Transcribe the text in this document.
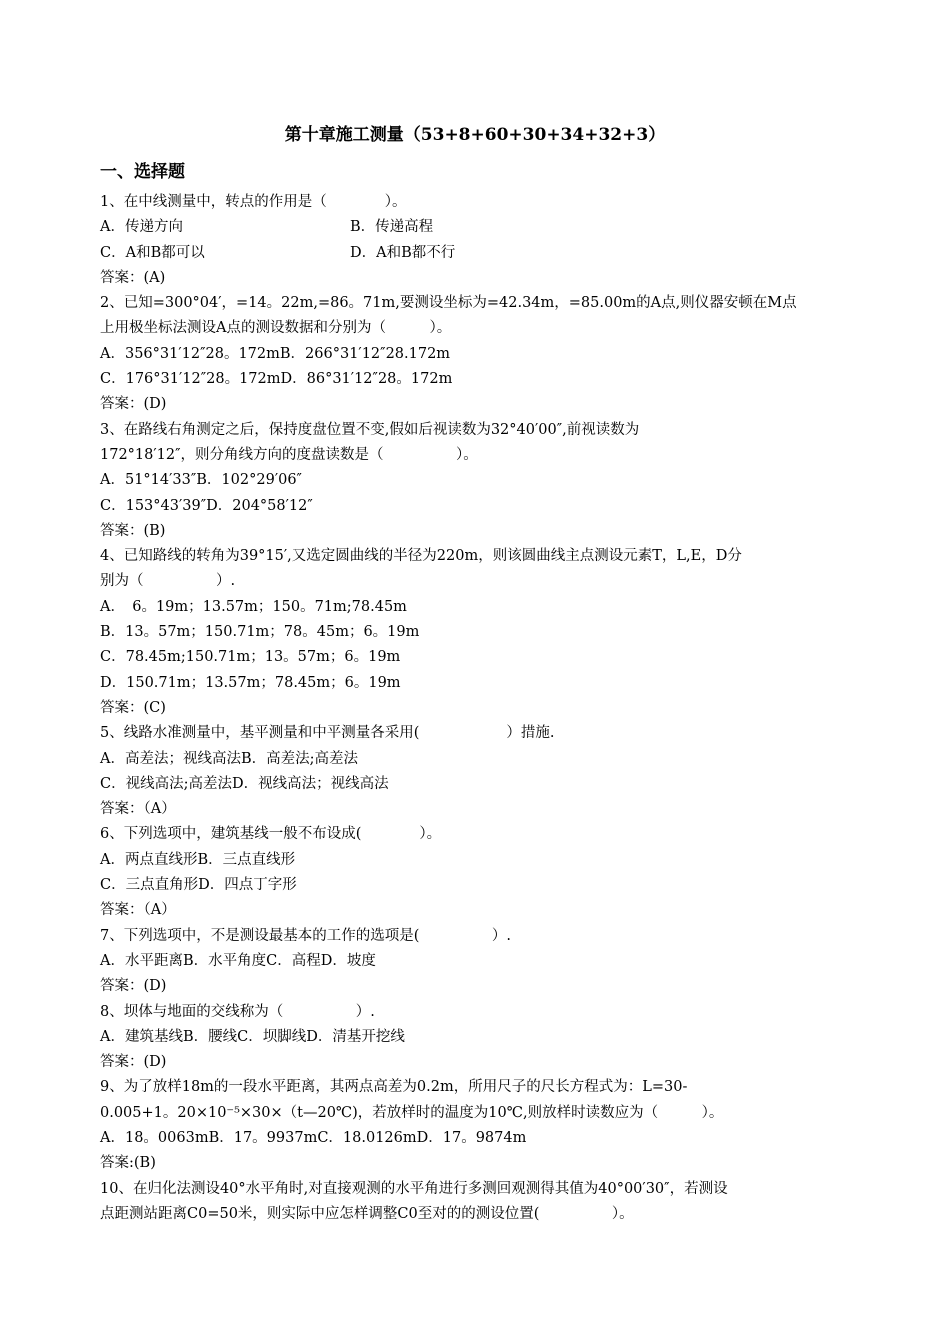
第十章施工测量（53+8+60+30+34+32+3）
一、选择题
1、在中线测量中，转点的作用是（　　　　）。
A．传递方向	B．传递高程
C．A和B都可以	D．A和B都不行
答案：(A)
2、已知=300°04′，=14。22m,=86。71m,要测设坐标为=42.34m，=85.00m的A点,则仪器安顿在M点
上用极坐标法测设A点的测设数据和分别为（　　　）。
A．356°31′12″28。172mB．266°31′12″28.172m
C．176°31′12″28。172mD．86°31′12″28。172m
答案：(D)
3、在路线右角测定之后，保持度盘位置不变,假如后视读数为32°40′00″,前视读数为
172°18′12″，则分角线方向的度盘读数是（　　　　　）。
A．51°14′33″B．102°29′06″
C．153°43′39″D．204°58′12″
答案：(B)
4、已知路线的转角为39°15′,又选定圆曲线的半径为220m，则该圆曲线主点测设元素T，L,E，D分
别为（　　　　　）.
A．　6。19m；13.57m；150。71m;78.45m
B．13。57m；150.71m；78。45m；6。19m
C．78.45m;150.71m；13。57m；6。19m
D．150.71m；13.57m；78.45m；6。19m
答案：(C)
5、线路水准测量中，基平测量和中平测量各采用(　　　　　　）措施.
A．高差法；视线高法B．高差法;高差法
C．视线高法;高差法D．视线高法；视线高法
答案：（A）
6、下列选项中，建筑基线一般不布设成(　　　　）。
A．两点直线形B．三点直线形
C．三点直角形D．四点丁字形
答案：（A）
7、下列选项中，不是测设最基本的工作的选项是(　　　　　）.
A．水平距离B．水平角度C．高程D．坡度
答案：(D)
8、坝体与地面的交线称为（　　　　　）.
A．建筑基线B．腰线C．坝脚线D．清基开挖线
答案：(D)
9、为了放样18m的一段水平距离，其两点高差为0.2m，所用尺子的尺长方程式为：L=30-
0.005+1。20×10⁻⁵×30×（t—20℃)，若放样时的温度为10℃,则放样时读数应为（　　　）。
A．18。0063mB．17。9937mC．18.0126mD．17。9874m
答案:(B)
10、在归化法测设40°水平角时,对直接观测的水平角进行多测回观测得其值为40°00′30″，若测设
点距测站距离C0=50米，则实际中应怎样调整C0至对的的测设位置(　　　　　）。
